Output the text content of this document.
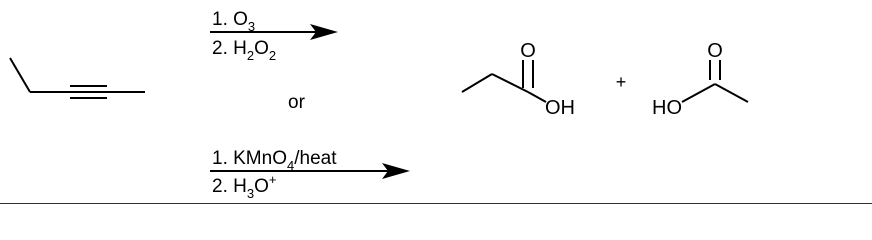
1. $O_3$
2. $H_2O_2$
or
1. KMnO$_4$/heat
2. $H_3O^+$
O
OH
+
O
HO
